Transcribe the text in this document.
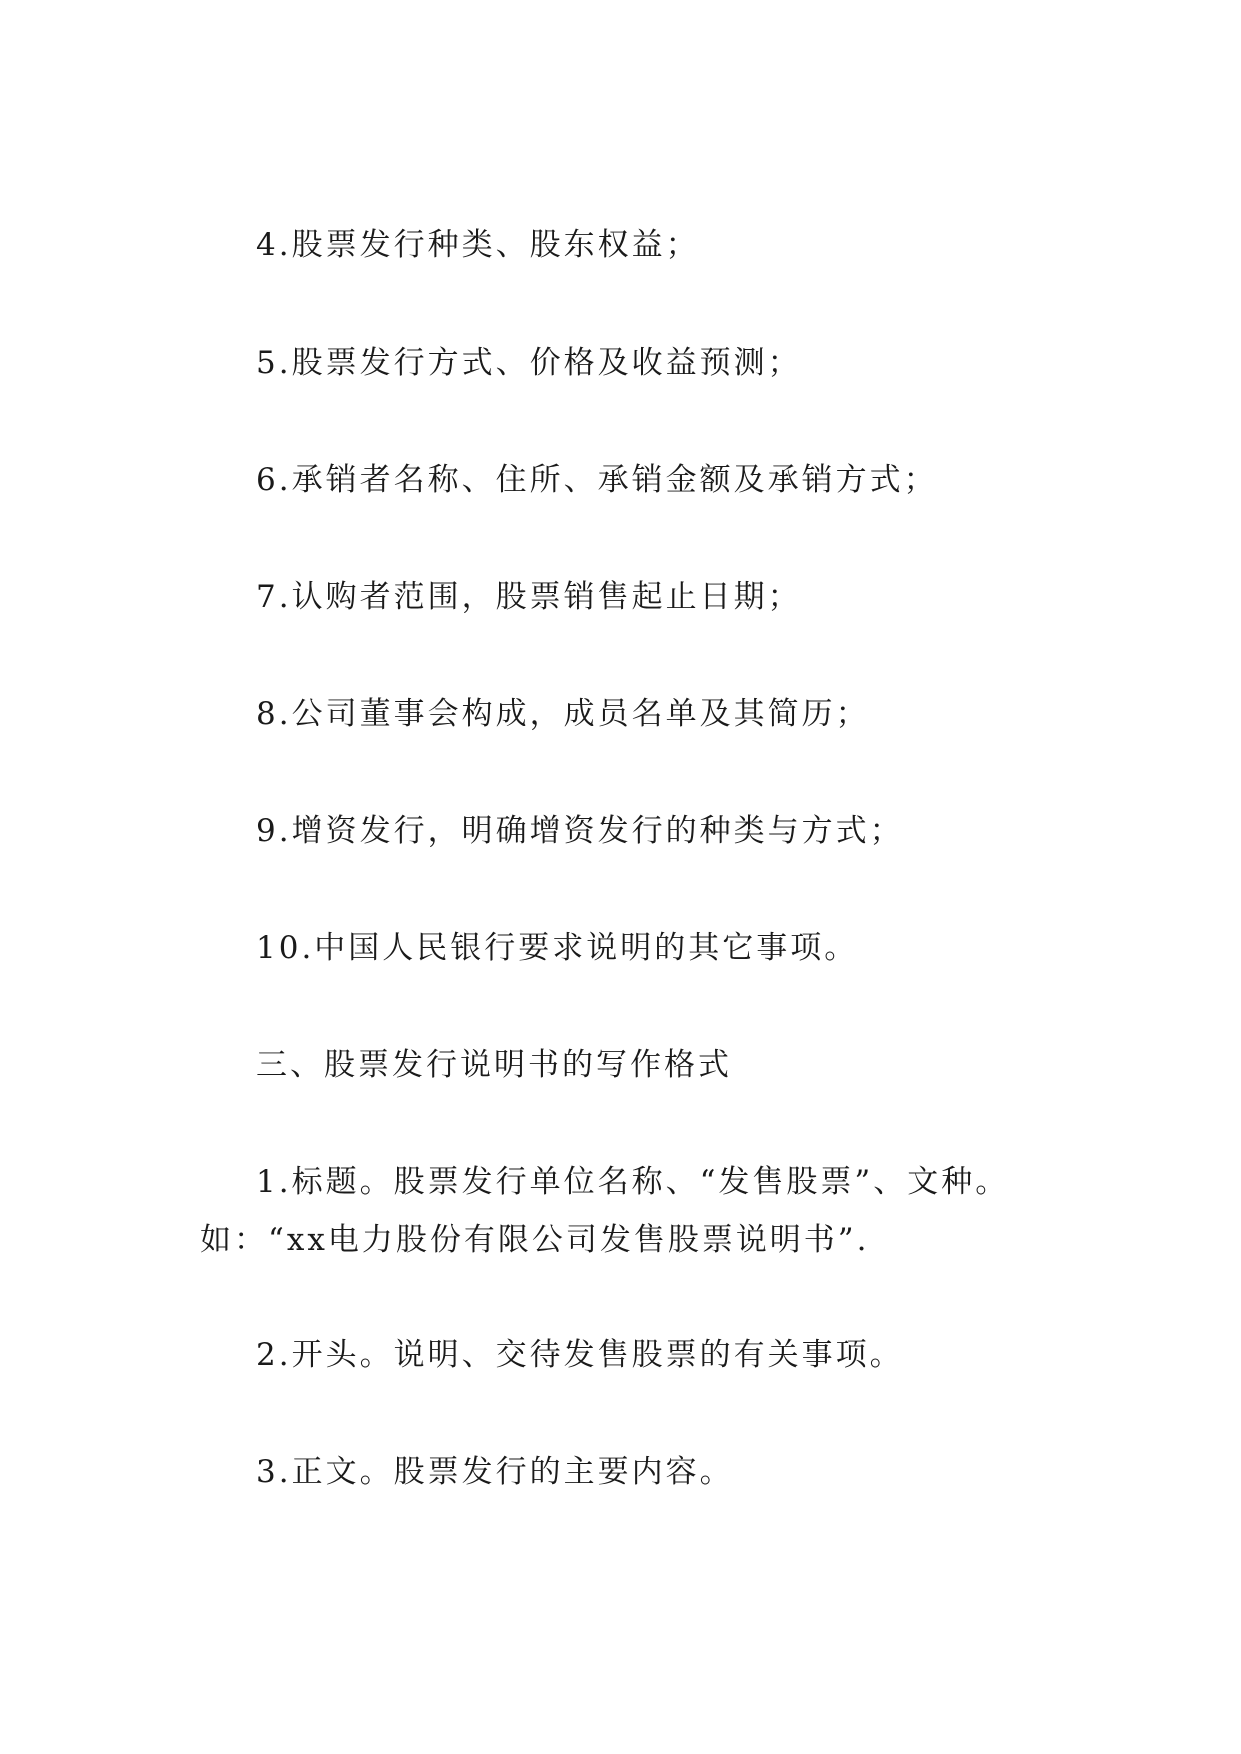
4.股票发行种类、股东权益；

5.股票发行方式、价格及收益预测；

6.承销者名称、住所、承销金额及承销方式；

7.认购者范围，股票销售起止日期；

8.公司董事会构成，成员名单及其简历；

9.增资发行，明确增资发行的种类与方式；

10.中国人民银行要求说明的其它事项。

三、股票发行说明书的写作格式

1.标题。股票发行单位名称、“发售股票”、文种。如：“xx电力股份有限公司发售股票说明书”.

2.开头。说明、交待发售股票的有关事项。

3.正文。股票发行的主要内容。
